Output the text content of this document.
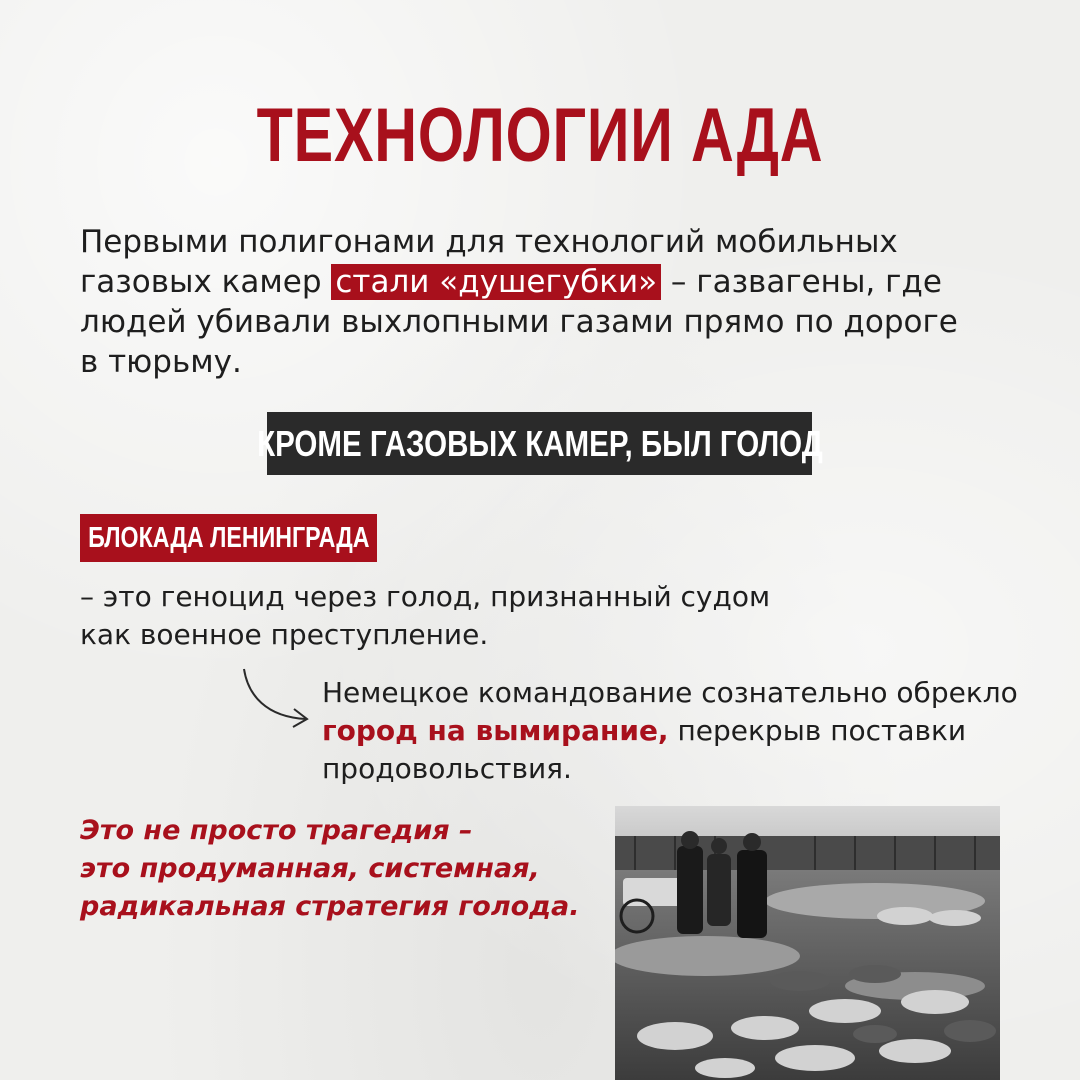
ТЕХНОЛОГИИ АДА
Первыми полигонами для технологий мобильных газовых камер стали «душегубки» – газвагены, где людей убивали выхлопными газами прямо по дороге в тюрьму.
КРОМЕ ГАЗОВЫХ КАМЕР, БЫЛ ГОЛОД
БЛОКАДА ЛЕНИНГРАДА
– это геноцид через голод, признанный судом как военное преступление.
Немецкое командование сознательно обрекло город на вымирание, перекрыв поставки продовольствия.
Это не просто трагедия –
это продуманная, системная,
радикальная стратегия голода.
